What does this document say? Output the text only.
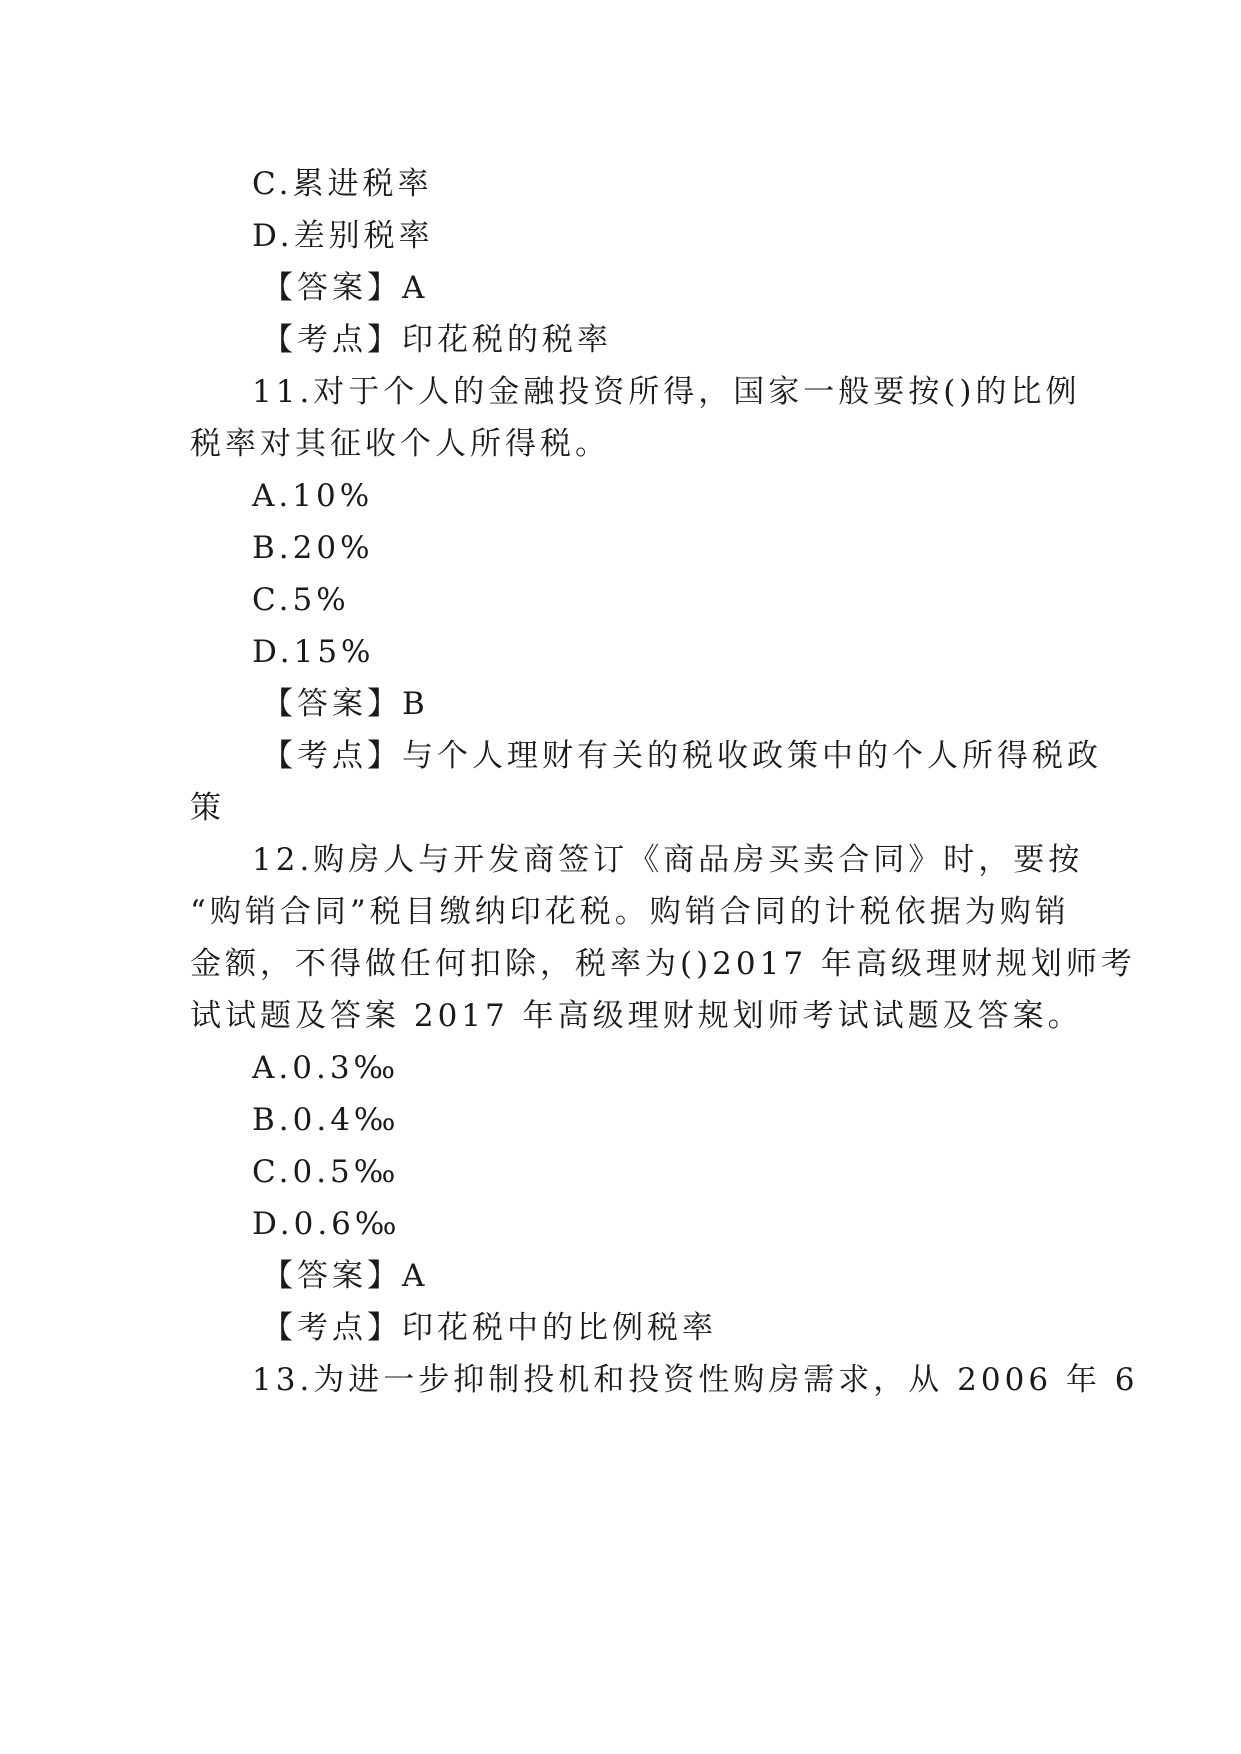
C.累进税率
D.差别税率
【答案】A
【考点】印花税的税率
11.对于个人的金融投资所得，国家一般要按()的比例
税率对其征收个人所得税。
A.10%
B.20%
C.5%
D.15%
【答案】B
【考点】与个人理财有关的税收政策中的个人所得税政
策
12.购房人与开发商签订《商品房买卖合同》时，要按
“购销合同”税目缴纳印花税。购销合同的计税依据为购销
金额，不得做任何扣除，税率为()2017 年高级理财规划师考
试试题及答案 2017 年高级理财规划师考试试题及答案。
A.0.3‰
B.0.4‰
C.0.5‰
D.0.6‰
【答案】A
【考点】印花税中的比例税率
13.为进一步抑制投机和投资性购房需求，从 2006 年 6
